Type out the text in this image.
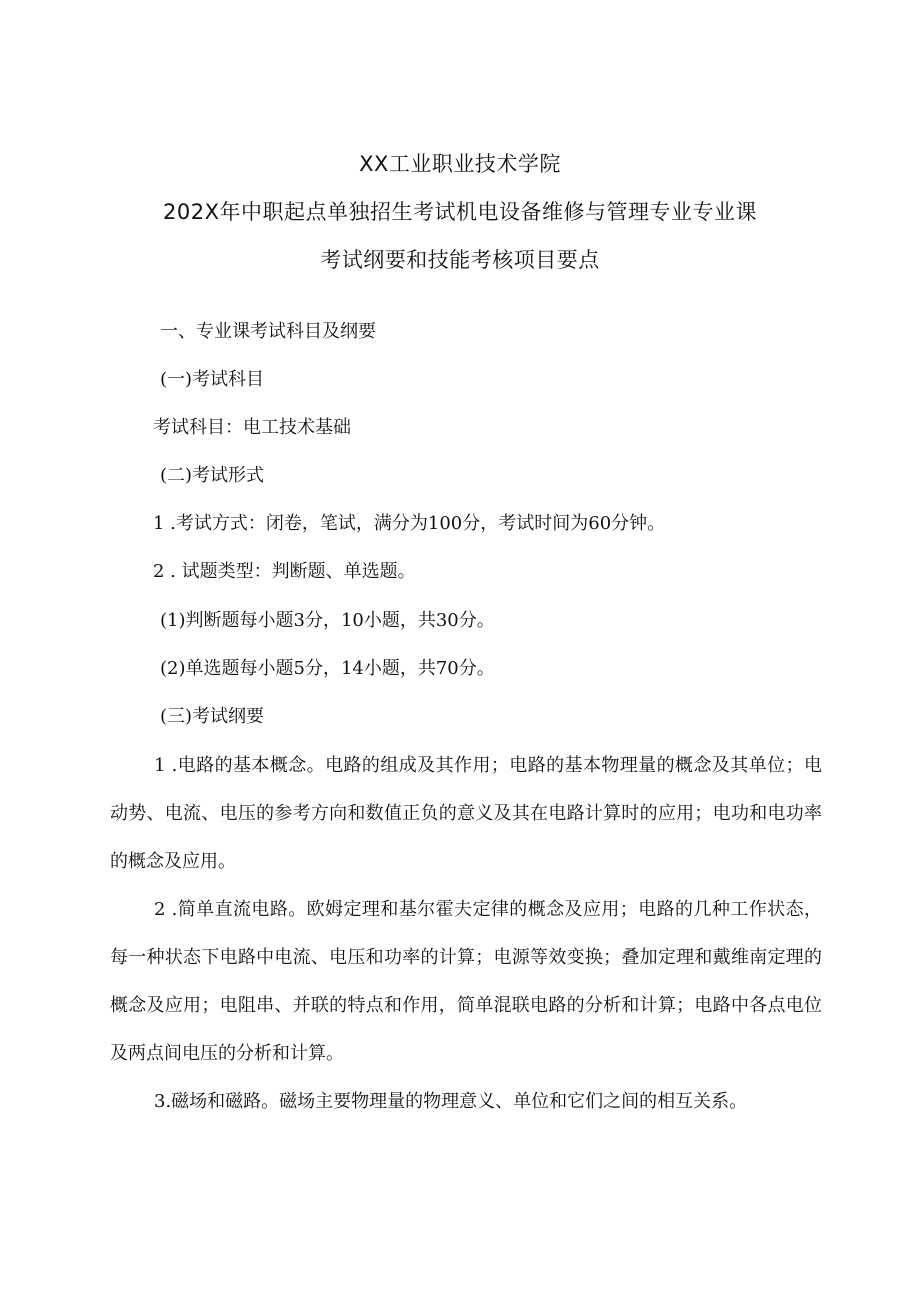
XX工业职业技术学院
202X年中职起点单独招生考试机电设备维修与管理专业专业课
考试纲要和技能考核项目要点
一、专业课考试科目及纲要
(一)考试科目
考试科目：电工技术基础
(二)考试形式
1 .考试方式：闭卷，笔试，满分为100分，考试时间为60分钟。
2 . 试题类型：判断题、单选题。
(1)判断题每小题3分，10小题，共30分。
(2)单选题每小题5分，14小题，共70分。
(三)考试纲要
1 .电路的基本概念。电路的组成及其作用；电路的基本物理量的概念及其单位；电动势、电流、电压的参考方向和数值正负的意义及其在电路计算时的应用；电功和电功率的概念及应用。
2 .简单直流电路。欧姆定理和基尔霍夫定律的概念及应用；电路的几种工作状态，每一种状态下电路中电流、电压和功率的计算；电源等效变换；叠加定理和戴维南定理的概念及应用；电阻串、并联的特点和作用，简单混联电路的分析和计算；电路中各点电位及两点间电压的分析和计算。
3.磁场和磁路。磁场主要物理量的物理意义、单位和它们之间的相互关系。
